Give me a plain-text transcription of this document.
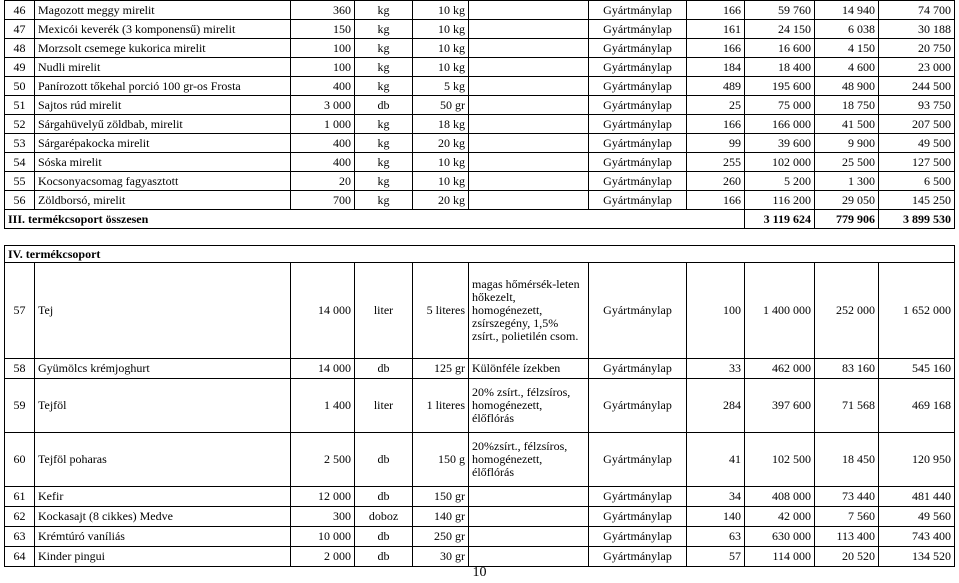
46	Magozott meggy mirelit	360	kg	10 kg		Gyártmánylap	166	59 760	14 940	74 700
47	Mexicói keverék (3 komponensű) mirelit	150	kg	10 kg		Gyártmánylap	161	24 150	6 038	30 188
48	Morzsolt csemege kukorica mirelit	100	kg	10 kg		Gyártmánylap	166	16 600	4 150	20 750
49	Nudli mirelit	100	kg	10 kg		Gyártmánylap	184	18 400	4 600	23 000
50	Panírozott tőkehal porció 100 gr-os Frosta	400	kg	5 kg		Gyártmánylap	489	195 600	48 900	244 500
51	Sajtos rúd mirelit	3 000	db	50 gr		Gyártmánylap	25	75 000	18 750	93 750
52	Sárgahüvelyű zöldbab, mirelit	1 000	kg	18 kg		Gyártmánylap	166	166 000	41 500	207 500
53	Sárgarépakocka mirelit	400	kg	20 kg		Gyártmánylap	99	39 600	9 900	49 500
54	Sóska mirelit	400	kg	10 kg		Gyártmánylap	255	102 000	25 500	127 500
55	Kocsonyacsomag fagyasztott	20	kg	10 kg		Gyártmánylap	260	5 200	1 300	6 500
56	Zöldborsó, mirelit	700	kg	20 kg		Gyártmánylap	166	116 200	29 050	145 250
III. termékcsoport összesen								3 119 624	779 906	3 899 530

IV. termékcsoport										
57	Tej	14 000	liter	5 literes	magas hőmérsék-leten hőkezelt, homogénezett, zsírszegény, 1,5% zsírt., polietilén csom.	Gyártmánylap	100	1 400 000	252 000	1 652 000
58	Gyümölcs krémjoghurt	14 000	db	125 gr	Különféle ízekben	Gyártmánylap	33	462 000	83 160	545 160
59	Tejföl	1 400	liter	1 literes	20% zsírt., félzsíros, homogénezett, élőflórás	Gyártmánylap	284	397 600	71 568	469 168
60	Tejföl poharas	2 500	db	150 g	20%zsírt., félzsíros, homogénezett, élőflórás	Gyártmánylap	41	102 500	18 450	120 950
61	Kefir	12 000	db	150 gr		Gyártmánylap	34	408 000	73 440	481 440
62	Kockasajt (8 cikkes) Medve	300	doboz	140 gr		Gyártmánylap	140	42 000	7 560	49 560
63	Krémtúró vaníliás	10 000	db	250 gr		Gyártmánylap	63	630 000	113 400	743 400
64	Kinder pingui	2 000	db	30 gr		Gyártmánylap	57	114 000	20 520	134 520
10
